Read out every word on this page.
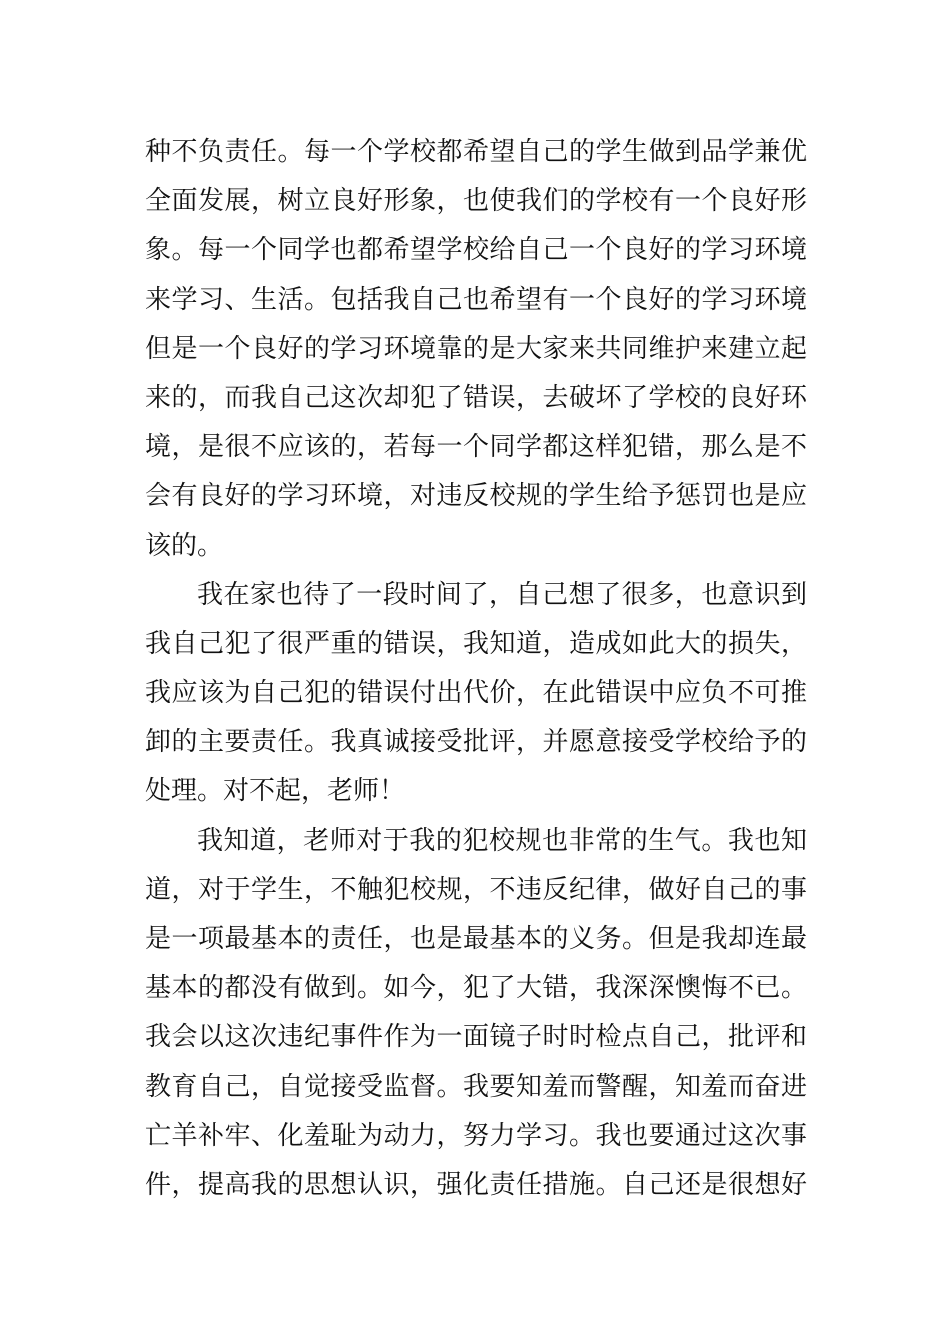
种不负责任。每一个学校都希望自己的学生做到品学兼优
全面发展，树立良好形象，也使我们的学校有一个良好形
象。每一个同学也都希望学校给自己一个良好的学习环境
来学习、生活。包括我自己也希望有一个良好的学习环境
但是一个良好的学习环境靠的是大家来共同维护来建立起
来的，而我自己这次却犯了错误，去破坏了学校的良好环
境，是很不应该的，若每一个同学都这样犯错，那么是不
会有良好的学习环境，对违反校规的学生给予惩罚也是应
该的。
我在家也待了一段时间了，自己想了很多，也意识到
我自己犯了很严重的错误，我知道，造成如此大的损失，
我应该为自己犯的错误付出代价，在此错误中应负不可推
卸的主要责任。我真诚接受批评，并愿意接受学校给予的
处理。对不起，老师！
我知道，老师对于我的犯校规也非常的生气。我也知
道，对于学生，不触犯校规，不违反纪律，做好自己的事
是一项最基本的责任，也是最基本的义务。但是我却连最
基本的都没有做到。如今，犯了大错，我深深懊悔不已。
我会以这次违纪事件作为一面镜子时时检点自己，批评和
教育自己，自觉接受监督。我要知羞而警醒，知羞而奋进
亡羊补牢、化羞耻为动力，努力学习。我也要通过这次事
件，提高我的思想认识，强化责任措施。自己还是很想好
